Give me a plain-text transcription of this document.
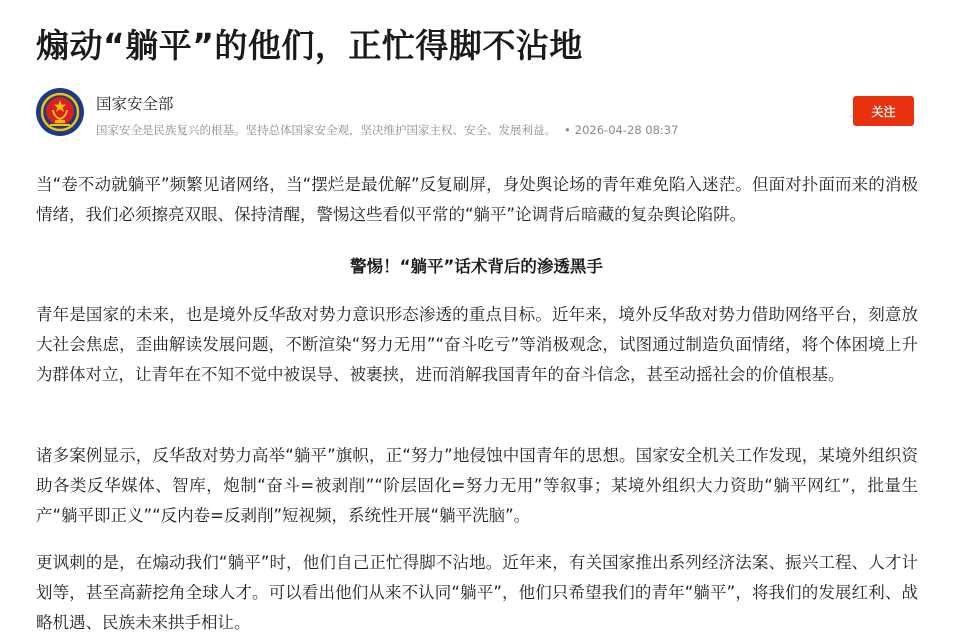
煽动“躺平”的他们，正忙得脚不沾地
国家安全部
国家安全是民族复兴的根基。坚持总体国家安全观，坚决维护国家主权、安全、发展利益。 • 2026-04-28 08:37
关注

当“卷不动就躺平”频繁见诸网络，当“摆烂是最优解”反复刷屏，身处舆论场的青年难免陷入迷茫。但面对扑面而来的消极情绪，我们必须擦亮双眼、保持清醒，警惕这些看似平常的“躺平”论调背后暗藏的复杂舆论陷阱。

警惕！“躺平”话术背后的渗透黑手

青年是国家的未来，也是境外反华敌对势力意识形态渗透的重点目标。近年来，境外反华敌对势力借助网络平台，刻意放大社会焦虑，歪曲解读发展问题，不断渲染“努力无用”“奋斗吃亏”等消极观念，试图通过制造负面情绪，将个体困境上升为群体对立，让青年在不知不觉中被误导、被裹挟，进而消解我国青年的奋斗信念，甚至动摇社会的价值根基。

诸多案例显示，反华敌对势力高举“躺平”旗帜，正“努力”地侵蚀中国青年的思想。国家安全机关工作发现，某境外组织资助各类反华媒体、智库，炮制“奋斗=被剥削”“阶层固化=努力无用”等叙事；某境外组织大力资助“躺平网红”，批量生产“躺平即正义”“反内卷=反剥削”短视频，系统性开展“躺平洗脑”。

更讽刺的是，在煽动我们“躺平”时，他们自己正忙得脚不沾地。近年来，有关国家推出系列经济法案、振兴工程、人才计划等，甚至高薪挖角全球人才。可以看出他们从来不认同“躺平”，他们只希望我们的青年“躺平”，将我们的发展红利、战略机遇、民族未来拱手相让。
